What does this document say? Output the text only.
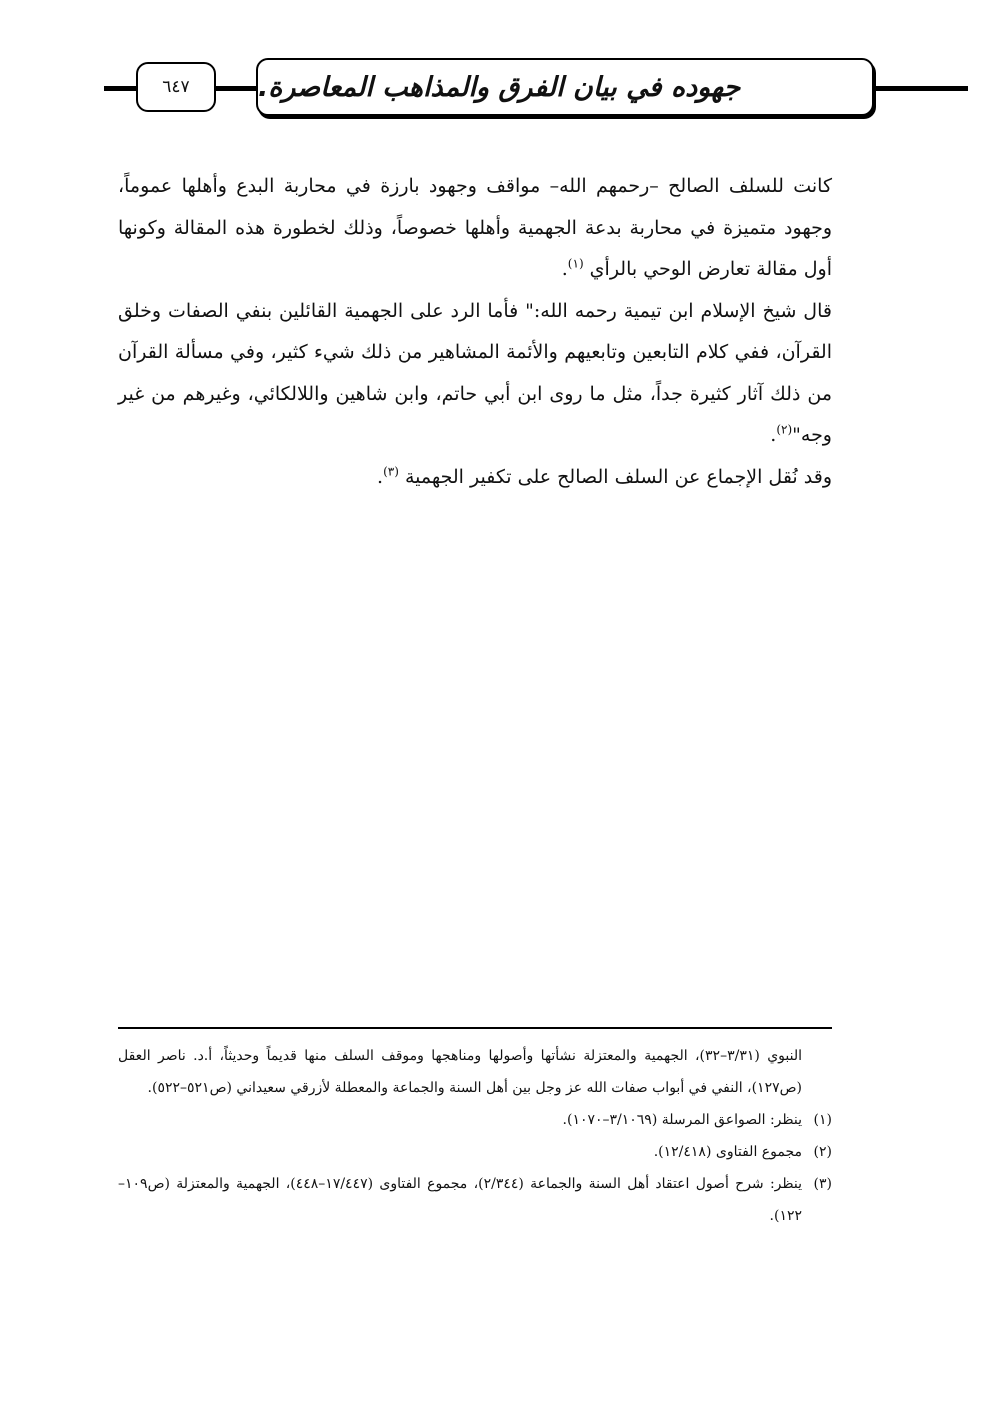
٦٤٧	جهوده في بيان الفرق والمذاهب المعاصرة.

كانت للسلف الصالح –رحمهم الله– مواقف وجهود بارزة في محاربة البدع وأهلها عموماً، وجهود متميزة في محاربة بدعة الجهمية وأهلها خصوصاً، وذلك لخطورة هذه المقالة وكونها أول مقالة تعارض الوحي بالرأي $^{(١)}$.

قال شيخ الإسلام ابن تيمية رحمه الله:" فأما الرد على الجهمية القائلين بنفي الصفات وخلق القرآن، ففي كلام التابعين وتابعيهم والأئمة المشاهير من ذلك شيء كثير، وفي مسألة القرآن من ذلك آثار كثيرة جداً، مثل ما روى ابن أبي حاتم، وابن شاهين واللالكائي، وغيرهم من غير وجه"$^{(٢)}$.

وقد نُقل الإجماع عن السلف الصالح على تكفير الجهمية $^{(٣)}$.

النبوي (٣/٣١–٣٢)، الجهمية والمعتزلة نشأتها وأصولها ومناهجها وموقف السلف منها قديماً وحديثاً، أ.د. ناصر العقل (ص١٢٧)، النفي في أبواب صفات الله عز وجل بين أهل السنة والجماعة والمعطلة لأزرقي سعيداني (ص٥٢١–٥٢٢).

(١)
ينظر: الصواعق المرسلة (٣/١٠٦٩–١٠٧٠).
(٢)
مجموع الفتاوى (١٢/٤١٨).
(٣)
ينظر: شرح أصول اعتقاد أهل السنة والجماعة (٢/٣٤٤)، مجموع الفتاوى (١٧/٤٤٧–٤٤٨)، الجهمية والمعتزلة (ص١٠٩–١٢٢).
